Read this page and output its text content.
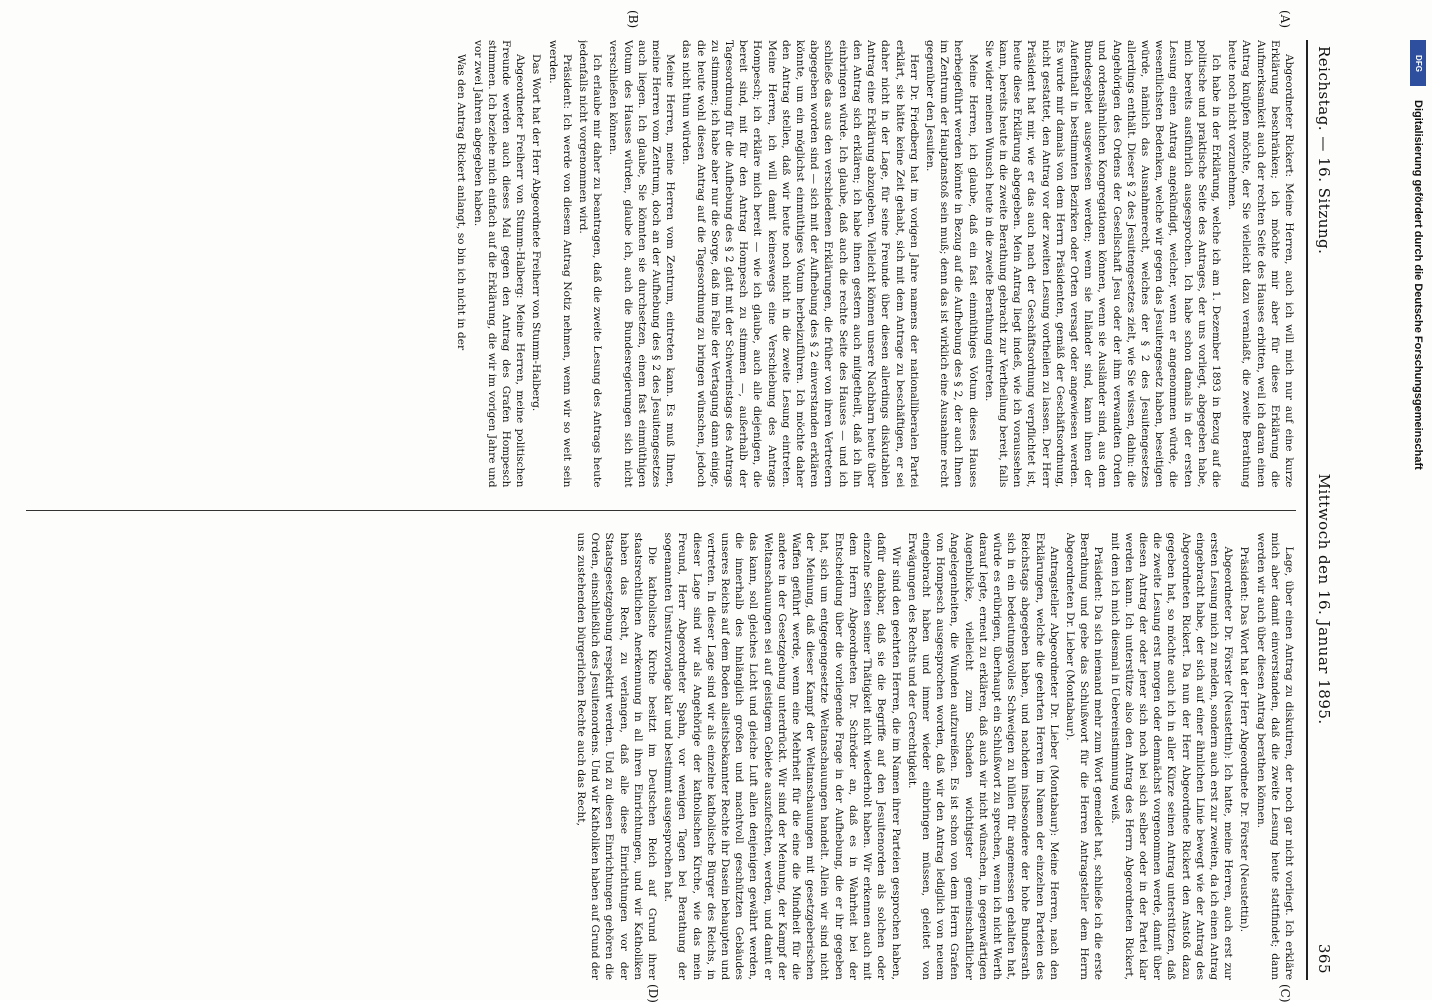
Reichstag. — 16. Sitzung.
Mittwoch den 16. Januar 1895.
365

Abgeordneter Rickert: Meine Herren, auch ich will mich nur auf eine kurze Erklärung beschränken; ich möchte mir aber für diese Erklärung die Aufmerksamkeit auch der rechten Seite des Hauses erbitten, weil ich daran einen Antrag knüpfen möchte, der Sie vielleicht dazu veranlaßt, die zweite Berathung heute noch nicht vorzunehmen.

Ich habe in der Erklärung, welche ich am 1. Dezember 1893 in Bezug auf die politische und praktische Seite des Antrages, der uns vorliegt, abgegeben habe, mich bereits ausführlich ausgesprochen. Ich habe schon damals in der ersten Lesung einen Antrag angekündigt, welcher, wenn er angenommen würde, die wesentlichsten Bedenken, welche wir gegen das Jesuitengesetz haben, beseitigen würde, nämlich das Ausnahmerecht, welches der § 2 des Jesuitengesetzes allerdings enthält. Dieser § 2 des Jesuitengesetzes zielt, wie Sie wissen, dahin: die Angehörigen des Ordens der Gesellschaft Jesu oder der ihm verwandten Orden und ordensähnlichen Kongregationen können, wenn sie Ausländer sind, aus dem Bundesgebiet ausgewiesen werden; wenn sie Inländer sind, kann ihnen der Aufenthalt in bestimmten Bezirken oder Orten versagt oder angewiesen werden. Es wurde mir damals von dem Herrn Präsidenten, gemäß der Geschäftsordnung, nicht gestattet, den Antrag vor der zweiten Lesung vortheilen zu lassen. Der Herr Präsident hat mir, wie er das auch nach der Geschäftsordnung verpflichtet ist, heute diese Erklärung abgegeben. Mein Antrag liegt indeß, wie ich voraussehen kann, bereits heute in die zweite Berathung gebracht zur Vertheilung bereit, falls Sie wider meinen Wunsch heute in die zweite Berathung eintreten.

Meine Herren, ich glaube, daß ein fast einmüthiges Votum dieses Hauses herbeigeführt werden könnte in Bezug auf die Aufhebung des § 2, der auch Ihnen im Zentrum der Hauptanstoß sein muß; denn das ist wirklich eine Ausnahme recht gegenüber den Jesuiten.

Herr Dr. Friedberg hat im vorigen Jahre namens der nationalliberalen Partei erklärt, sie hätte keine Zeit gehabt, sich mit dem Antrage zu beschäftigen, er sei daher nicht in der Lage, für seine Freunde über diesen allerdings diskutablen Antrag eine Erklärung abzugeben. Vielleicht können unsere Nachbarn heute über den Antrag sich erklären; ich habe ihnen gestern auch mitgetheilt, daß ich ihn einbringen würde. Ich glaube, daß auch die rechte Seite des Hauses — und ich schließe das aus den verschiedenen Erklärungen, die früher von ihren Vertretern abgegeben worden sind — sich mit der Aufhebung des § 2 einverstanden erklären könnte, um ein möglichst einmüthiges Votum herbeizuführen. Ich möchte daher den Antrag stellen, daß wir heute noch nicht in die zweite Lesung eintreten. Meine Herren, ich will damit keineswegs eine Verschiebung des Antrags Hompesch; ich erkläre mich bereit — wie ich glaube, auch alle diejenigen, die bereit sind, mit für den Antrag Hompesch zu stimmen —, außerhalb der Tagesordnung für die Aufhebung des § 2 glatt mit der Schwerinstags des Antrags zu stimmen; ich habe aber nur die Sorge, daß im Falle der Vertagung dann einige, die heute wohl diesen Antrag auf die Tagesordnung zu bringen wünschen, jedoch das nicht thun würden.

Meine Herren, meine Herren vom Zentrum, eintreten kann. Es muß Ihnen, meine Herren vom Zentrum, doch an der Aufhebung des § 2 des Jesuitengesetzes auch liegen. Ich glaube, Sie könnten sie durchsetzen, einem fast einmüthigen Votum des Hauses würden, glaube ich, auch die Bundesregierungen sich nicht verschließen können.

Ich erlaube mir daher zu beantragen, daß die zweite Lesung des Antrags heute jedenfalls nicht vorgenommen wird.

Präsident: Ich werde von diesem Antrag Notiz nehmen, wenn wir so weit sein werden.

Das Wort hat der Herr Abgeordnete Freiherr von Stumm-Halberg.

Abgeordneter Freiherr von Stumm-Halberg: Meine Herren, meine politischen Freunde werden auch dieses Mal gegen den Antrag des Grafen Hompesch stimmen. Ich beziehe mich einfach auf die Erklärung, die wir im vorigen Jahre und vor zwei Jahren abgegeben haben.

Was den Antrag Rickert anlangt, so bin ich nicht in der

Lage, über einen Antrag zu diskutiren, der noch gar nicht vorliegt. Ich erkläre mich aber damit einverstanden, daß die zweite Lesung heute stattfindet; dann werden wir auch über diesen Antrag berathen können.

Präsident: Das Wort hat der Herr Abgeordnete Dr. Förster (Neustettin).

Abgeordneter Dr. Förster (Neustettin): Ich hatte, meine Herren, auch erst zur ersten Lesung mich zu melden, sondern auch erst zur zweiten, da ich einen Antrag eingebracht habe, der sich auf einer ähnlichen Linie bewegt wie der Antrag des Abgeordneten Rickert. Da nun der Herr Abgeordnete Rickert den Anstoß dazu gegeben hat, so möchte auch ich in aller Kürze seinen Antrag unterstützen, daß die zweite Lesung erst morgen oder demnächst vorgenommen werde, damit über diesen Antrag der oder jener sich noch bei sich selber oder in der Partei klar werden kann. Ich unterstütze also den Antrag des Herrn Abgeordneten Rickert, mit dem ich mich diesmal in Uebereinstimmung weiß.

Präsident: Da sich niemand mehr zum Wort gemeldet hat, schließe ich die erste Berathung und gebe das Schlußwort für die Herren Antragsteller dem Herrn Abgeordneten Dr. Lieber (Montabaur).

Antragsteller Abgeordneter Dr. Lieber (Montabaur): Meine Herren, nach den Erklärungen, welche die geehrten Herren im Namen der einzelnen Parteien des Reichstags abgegeben haben, und nachdem insbesondere der hohe Bundesrath sich in ein bedeutungsvolles Schweigen zu hüllen für angemessen gehalten hat, würde es erübrigen, überhaupt ein Schlußwort zu sprechen, wenn ich nicht Werth darauf legte, erneut zu erklären, daß auch wir nicht wünschen, in gegenwärtigen Augenblicke, vielleicht zum Schaden wichtigster gemeinschaftlicher Angelegenheiten, die Wunden aufzureißen. Es ist schon von dem Herrn Grafen von Hompesch ausgesprochen worden, daß wir den Antrag lediglich von neuem eingebracht haben und immer wieder einbringen müssen, geleitet von Erwägungen des Rechts und der Gerechtigkeit.

Wir sind den geehrten Herren, die im Namen ihrer Parteien gesprochen haben, dafür dankbar, daß sie die Begriffe auf den Jesuitenorden als solchen oder einzelne Seiten seiner Thätigkeit nicht wiederholt haben. Wir erkennen auch mit dem Herrn Abgeordneten Dr. Schröder an, daß es in Wahrheit bei der Entscheidung über die vorliegende Frage in der Aufhebung, die er ihr gegeben hat, sich um entgegengesetzte Weltanschauungen handelt. Allein wir sind nicht der Meinung, daß dieser Kampf der Weltanschauungen mit gesetzgeberischen Waffen geführt werde, wenn eine Mehrheit für die eine die Mindheit für die andere in der Gesetzgebung unterdrückt. Wir sind der Meinung, der Kampf der Weltanschauungen sei auf geistigem Gebiete auszufechten, werden, und damit er das kann, soll gleiches Licht und gleiche Luft allen denjenigen gewährt werden, die innerhalb des hinlänglich großen und machtvoll geschützten Gebäudes unseres Reichs auf dem Boden allseitsbekannter Rechte ihr Dasein behaupten und vertreten. In dieser Lage sind wir als einzelne katholische Bürger des Reichs, in dieser Lage sind wir als Angehörige der katholischen Kirche, wie das mein Freund, Herr Abgeordneter Spahn, vor wenigen Tagen bei Berathung der sogenannten Umsturzvorlage klar und bestimmt ausgesprochen hat.

Die katholische Kirche besitzt im Deutschen Reich auf Grund ihrer staatsrechtlichen Anerkennung in all ihren Einrichtungen, und wir Katholiken haben das Recht, zu verlangen, daß alle diese Einrichtungen vor der Staatsgesetzgebung respektirt werden. Und zu diesen Einrichtungen gehören die Orden, einschließlich des Jesuitenordens. Und wir Katholiken haben auf Grund der uns zustehenden bürgerlichen Rechte auch das Recht,

(A)
(B)
(C)
(D)
DFG
Digitalisierung gefördert durch die Deutsche Forschungsgemeinschaft
